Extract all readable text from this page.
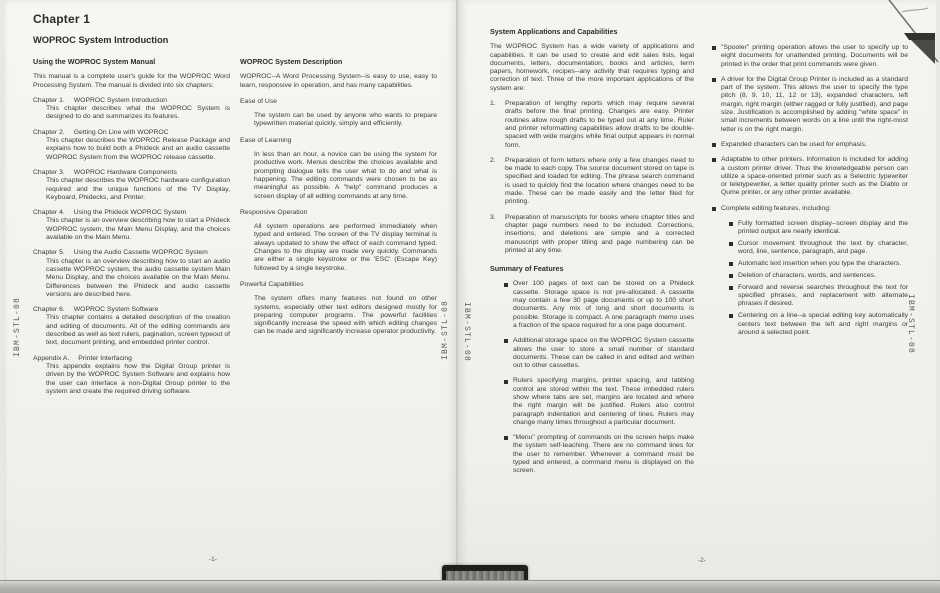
Chapter 1
WOPROC System Introduction
Using the WOPROC System Manual
This manual is a complete user's guide for the WOPROC Word Processing System. The manual is divided into six chapters:
Chapter 1. WOPROC System Introduction
This chapter describes what the WOPROC System is designed to do and summarizes its features.
Chapter 2. Getting On Line with WOPROC
This chapter describes the WOPROC Release Package and explains how to build both a Phideck and an audio cassette WOPROC System from the WOPROC release cassette.
Chapter 3. WOPROC Hardware Components
This chapter describes the WOPROC hardware configuration required and the unique functions of the TV Display, Keyboard, Phidecks, and Printer.
Chapter 4. Using the Phideck WOPROC System
This chapter is an overview describing how to start a Phideck WOPROC system, the Main Menu Display, and the choices available on the Main Menu.
Chapter 5. Using the Audio Cassette WOPROC System
This chapter is an overview describing how to start an audio cassette WOPROC system, the audio cassette system Main Menu Display, and the choices available on the Main Menu. Differences between the Phideck and audio cassette versions are described here.
Chapter 6. WOPROC System Software
This chapter contains a detailed description of the creation and editing of documents. All of the editing commands are described as well as text rulers, pagination, screen typeout of text, document printing, and embedded printer control.
Appendix A. Printer Interfacing
This appendix explains how the Digital Group printer is driven by the WOPROC System Software and explains how the user can interface a non-Digital Group printer to the system and create the required driving software.
WOPROC System Description
WOPROC--A Word Processing System--is easy to use, easy to learn, responsive in operation, and has many capabilities.
Ease of Use
The system can be used by anyone who wants to prepare typewritten material quickly, simply and efficiently.
Ease of Learning
In less than an hour, a novice can be using the system for productive work. Menus describe the choices available and prompting dialogue tells the user what to do and what is happening. The editing commands were chosen to be as meaningful as possible. A "help" command produces a screen display of all editing commands at any time.
Responsive Operation
All system operations are performed immediately when typed and entered. The screen of the TV display terminal is always updated to show the effect of each command typed. Changes to the display are made very quickly. Commands are either a single keystroke or the 'ESC' (Escape Key) followed by a single keystroke.
Powerful Capabilities
The system offers many features not found on other systems, especially other text editors designed mostly for preparing computer programs. The powerful facilities significantly increase the speed with which editing changes can be made and significantly increase operator productivity.
-1-
System Applications and Capabilities
The WOPROC System has a wide variety of applications and capabilities. It can be used to create and edit sales lists, legal documents, letters, documentation, books and articles, term papers, homework, recipes--any activity that requires typing and correction of text. Three of the more important applications of the system are:
1.	Preparation of lengthy reports which may require several drafts before the final printing. Changes are easy. Printer routines allow rough drafts to be typed out at any time. Ruler and printer reformatting capabilities allow drafts to be double-spaced with wide margins while final output appears in normal form.
2.	Preparation of form letters where only a few changes need to be made to each copy. The source document stored on tape is specified and loaded for editing. The phrase search command is used to quickly find the location where changes need to be made. These can be made easily and the letter filed for printing.
3.	Preparation of manuscripts for books where chapter titles and chapter page numbers need to be included. Corrections, insertions, and deletions are simple and a corrected manuscript with proper titling and page numbering can be printed at any time.
Summary of Features
Over 100 pages of text can be stored on a Phideck cassette. Storage space is not pre-allocated. A cassette may contain a few 30 page documents or up to 100 short documents. Any mix of long and short documents is possible. Storage is compact. A one paragraph memo uses a fraction of the space required for a one page document.
Additional storage space on the WOPROC System cassette allows the user to store a small number of standard documents. These can be called in and edited and written out to other cassettes.
Rulers specifying margins, printer spacing, and tabbing control are stored within the text. These imbedded rulers show where tabs are set, margins are located and where the right margin will be justified. Rulers also control paragraph indentation and centering of lines. Rulers may change many times throughout a particular document.
"Menu" prompting of commands on the screen helps make the system self-teaching. There are no command lines for the user to remember. Whenever a command must be typed and entered, a command menu is displayed on the screen.
"Spooler" printing operation allows the user to specify up to eight documents for unattended printing. Documents will be printed in the order that print commands were given.
A driver for the Digital Group Printer is included as a standard part of the system. This allows the user to specify the type pitch (8, 9, 10, 11, 12 or 13), expanded characters, left margin, right margin (either ragged or fully justified), and page size. Justification is accomplished by adding "white space" in small increments between words on a line until the right-most letter is on the right margin.
Expanded characters can be used for emphasis.
Adaptable to other printers. Information is included for adding a custom printer driver. Thus the knowledgeable person can utilize a space-oriented printer such as a Selectric typewriter or teletypewriter, a letter quality printer such as the Diablo or Qume printer, or any other printer available.
Complete editing features, including:
Fully formatted screen display--screen display and the printed output are nearly identical.
Cursor movement throughout the text by character, word, line, sentence, paragraph, and page.
Automatic text insertion when you type the characters.
Deletion of characters, words, and sentences.
Forward and reverse searches throughout the text for specified phrases, and replacement with alternate phrases if desired.
Centering on a line--a special editing key automatically centers text between the left and right margins or around a selected point.
-2-
IBM-STL-08	IBM-STL-08 IBM-STL-08	IBM-STL-08
